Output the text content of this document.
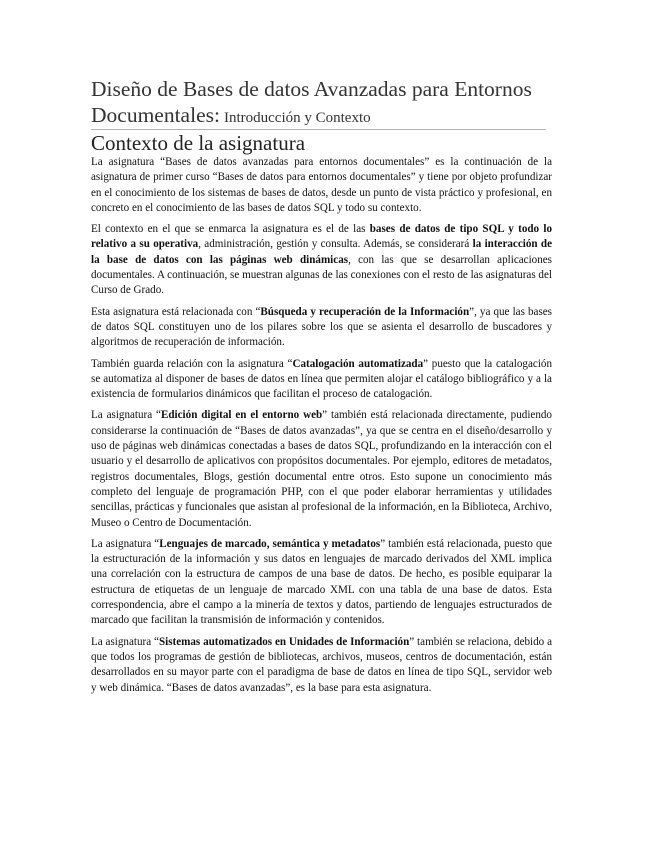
Diseño de Bases de datos Avanzadas para Entornos Documentales: Introducción y Contexto
Contexto de la asignatura

La asignatura “Bases de datos avanzadas para entornos documentales” es la continuación de la asignatura de primer curso “Bases de datos para entornos documentales” y tiene por objeto profundizar en el conocimiento de los sistemas de bases de datos, desde un punto de vista práctico y profesional, en concreto en el conocimiento de las bases de datos SQL y todo su contexto.

El contexto en el que se enmarca la asignatura es el de las bases de datos de tipo SQL y todo lo relativo a su operativa, administración, gestión y consulta. Además, se considerará la interacción de la base de datos con las páginas web dinámicas, con las que se desarrollan aplicaciones documentales. A continuación, se muestran algunas de las conexiones con el resto de las asignaturas del Curso de Grado.

Esta asignatura está relacionada con “Búsqueda y recuperación de la Información”, ya que las bases de datos SQL constituyen uno de los pilares sobre los que se asienta el desarrollo de buscadores y algoritmos de recuperación de información.

También guarda relación con la asignatura “Catalogación automatizada” puesto que la catalogación se automatiza al disponer de bases de datos en línea que permiten alojar el catálogo bibliográfico y a la existencia de formularios dinámicos que facilitan el proceso de catalogación.

La asignatura “Edición digital en el entorno web” también está relacionada directamente, pudiendo considerarse la continuación de “Bases de datos avanzadas”, ya que se centra en el diseño/desarrollo y uso de páginas web dinámicas conectadas a bases de datos SQL, profundizando en la interacción con el usuario y el desarrollo de aplicativos con propósitos documentales. Por ejemplo, editores de metadatos, registros documentales, Blogs, gestión documental entre otros. Esto supone un conocimiento más completo del lenguaje de programación PHP, con el que poder elaborar herramientas y utilidades sencillas, prácticas y funcionales que asistan al profesional de la información, en la Biblioteca, Archivo, Museo o Centro de Documentación.

La asignatura “Lenguajes de marcado, semántica y metadatos” también está relacionada, puesto que la estructuración de la información y sus datos en lenguajes de marcado derivados del XML implica una correlación con la estructura de campos de una base de datos. De hecho, es posible equiparar la estructura de etiquetas de un lenguaje de marcado XML con una tabla de una base de datos. Esta correspondencia, abre el campo a la minería de textos y datos, partiendo de lenguajes estructurados de marcado que facilitan la transmisión de información y contenidos.

La asignatura “Sistemas automatizados en Unidades de Información” también se relaciona, debido a que todos los programas de gestión de bibliotecas, archivos, museos, centros de documentación, están desarrollados en su mayor parte con el paradigma de base de datos en línea de tipo SQL, servidor web y web dinámica. “Bases de datos avanzadas”, es la base para esta asignatura.
